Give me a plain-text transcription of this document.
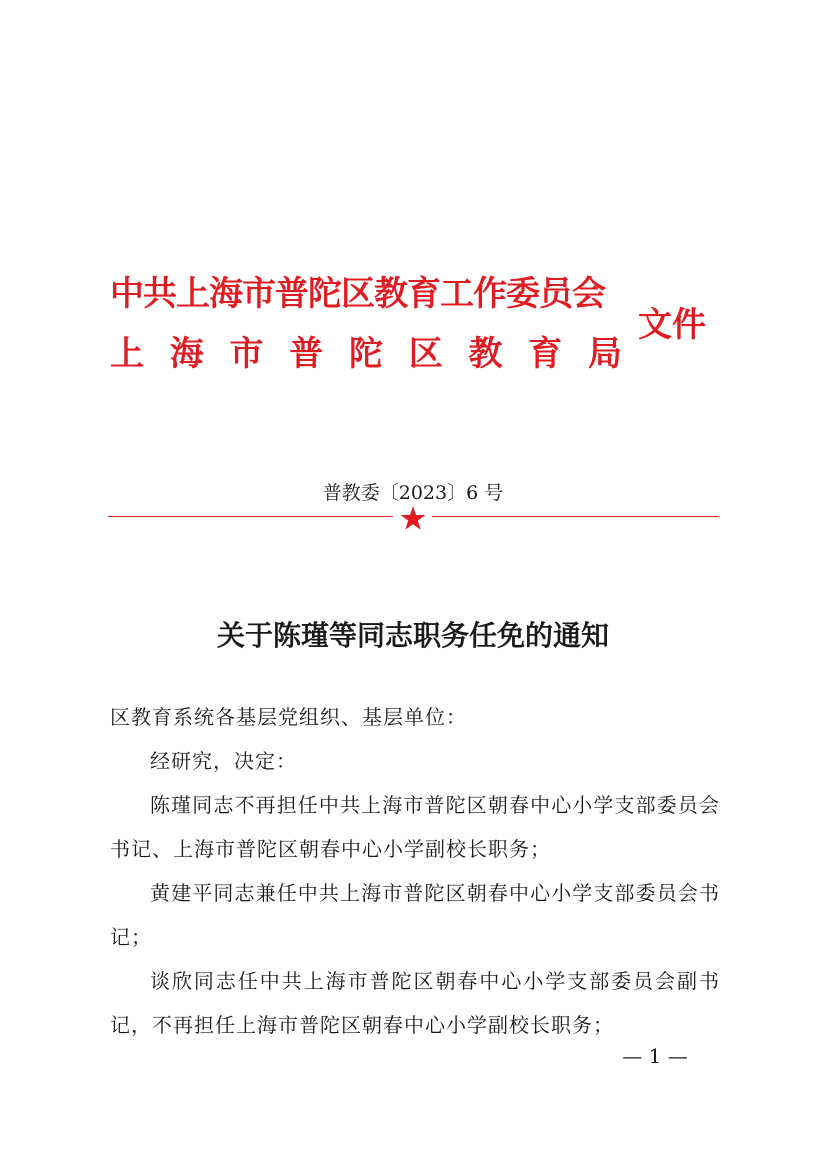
中共上海市普陀区教育工作委员会
上 海 市 普 陀 区 教 育 局
文件
普教委〔2023〕6 号
关于陈瑾等同志职务任免的通知
区教育系统各基层党组织、基层单位：
经研究，决定：
陈瑾同志不再担任中共上海市普陀区朝春中心小学支部委员会书记、上海市普陀区朝春中心小学副校长职务；
黄建平同志兼任中共上海市普陀区朝春中心小学支部委员会书记；
谈欣同志任中共上海市普陀区朝春中心小学支部委员会副书记，不再担任上海市普陀区朝春中心小学副校长职务；
— 1 —
